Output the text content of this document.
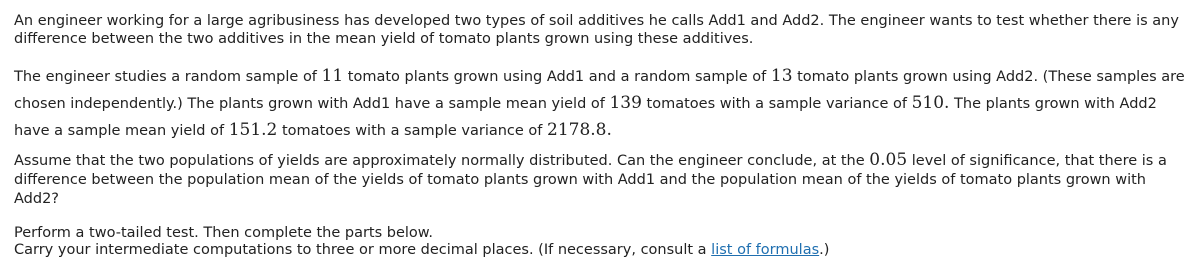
An engineer working for a large agribusiness has developed two types of soil additives he calls Add1 and Add2. The engineer wants to test whether there is any difference between the two additives in the mean yield of tomato plants grown using these additives.

The engineer studies a random sample of 11 tomato plants grown using Add1 and a random sample of 13 tomato plants grown using Add2. (These samples are chosen independently.) The plants grown with Add1 have a sample mean yield of 139 tomatoes with a sample variance of 510. The plants grown with Add2 have a sample mean yield of 151.2 tomatoes with a sample variance of 2178.8.

Assume that the two populations of yields are approximately normally distributed. Can the engineer conclude, at the 0.05 level of significance, that there is a difference between the population mean of the yields of tomato plants grown with Add1 and the population mean of the yields of tomato plants grown with Add2?

Perform a two-tailed test. Then complete the parts below.
Carry your intermediate computations to three or more decimal places. (If necessary, consult a list of formulas.)
